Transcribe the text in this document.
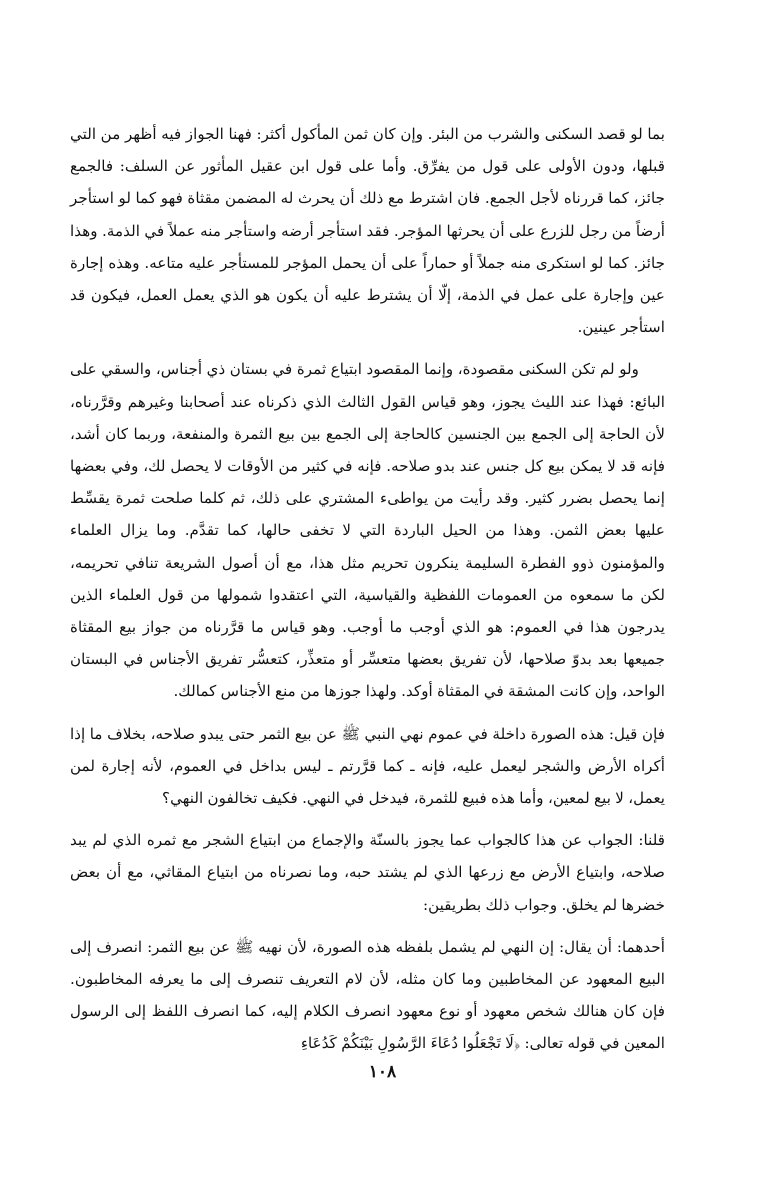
بما لو قصد السكنى والشرب من البئر. وإن كان ثمن المأكول أكثر: فهنا الجواز فيه أظهر من التي قبلها، ودون الأولى على قول من يفرِّق. وأما على قول ابن عقيل المأثور عن السلف: فالجمع جائز، كما قررناه لأجل الجمع. فان اشترط مع ذلك أن يحرث له المضمن مقثاة فهو كما لو استأجر أرضاً من رجل للزرع على أن يحرثها المؤجر. فقد استأجر أرضه واستأجر منه عملاً في الذمة. وهذا جائز. كما لو استكرى منه جملاً أو حماراً على أن يحمل المؤجر للمستأجر عليه متاعه. وهذه إجارة عين وإجارة على عمل في الذمة، إلّا أن يشترط عليه أن يكون هو الذي يعمل العمل، فيكون قد استأجر عينين.

ولو لم تكن السكنى مقصودة، وإنما المقصود ابتياع ثمرة في بستان ذي أجناس، والسقي على البائع: فهذا عند الليث يجوز، وهو قياس القول الثالث الذي ذكرناه عند أصحابنا وغيرهم وقرَّرناه، لأن الحاجة إلى الجمع بين الجنسين كالحاجة إلى الجمع بين بيع الثمرة والمنفعة، وربما كان أشد، فإنه قد لا يمكن بيع كل جنس عند بدو صلاحه. فإنه في كثير من الأوقات لا يحصل لك، وفي بعضها إنما يحصل بضرر كثير. وقد رأيت من يواطىء المشتري على ذلك، ثم كلما صلحت ثمرة يقسِّط عليها بعض الثمن. وهذا من الحيل الباردة التي لا تخفى حالها، كما تقدَّم. وما يزال العلماء والمؤمنون ذوو الفطرة السليمة ينكرون تحريم مثل هذا، مع أن أصول الشريعة تنافي تحريمه، لكن ما سمعوه من العمومات اللفظية والقياسية، التي اعتقدوا شمولها من قول العلماء الذين يدرجون هذا في العموم: هو الذي أوجب ما أوجب. وهو قياس ما قرَّرناه من جواز بيع المقثاة جميعها بعد بدوّ صلاحها، لأن تفريق بعضها متعسِّر أو متعذِّر، كتعسُّر تفريق الأجناس في البستان الواحد، وإن كانت المشقة في المقثاة أوكد. ولهذا جوزها من منع الأجناس كمالك.

فإن قيل: هذه الصورة داخلة في عموم نهي النبي ﷺ عن بيع الثمر حتى يبدو صلاحه، بخلاف ما إذا أكراه الأرض والشجر ليعمل عليه، فإنه ـ كما قرَّرتم ـ ليس بداخل في العموم، لأنه إجارة لمن يعمل، لا بيع لمعين، وأما هذه فبيع للثمرة، فيدخل في النهي. فكيف تخالفون النهي؟

قلنا: الجواب عن هذا كالجواب عما يجوز بالسنّة والإجماع من ابتياع الشجر مع ثمره الذي لم يبد صلاحه، وابتياع الأرض مع زرعها الذي لم يشتد حبه، وما نصرناه من ابتياع المقاثي، مع أن بعض خضرها لم يخلق. وجواب ذلك بطريقين:

أحدهما: أن يقال: إن النهي لم يشمل بلفظه هذه الصورة، لأن نهيه ﷺ عن بيع الثمر: انصرف إلى البيع المعهود عن المخاطبين وما كان مثله، لأن لام التعريف تنصرف إلى ما يعرفه المخاطبون. فإن كان هنالك شخص معهود أو نوع معهود انصرف الكلام إليه، كما انصرف اللفظ إلى الرسول المعين في قوله تعالى: ﴿لَا تَجْعَلُوا دُعَاءَ الرَّسُولِ بَيْنَكُمْ كَدُعَاءِ

١٠٨
